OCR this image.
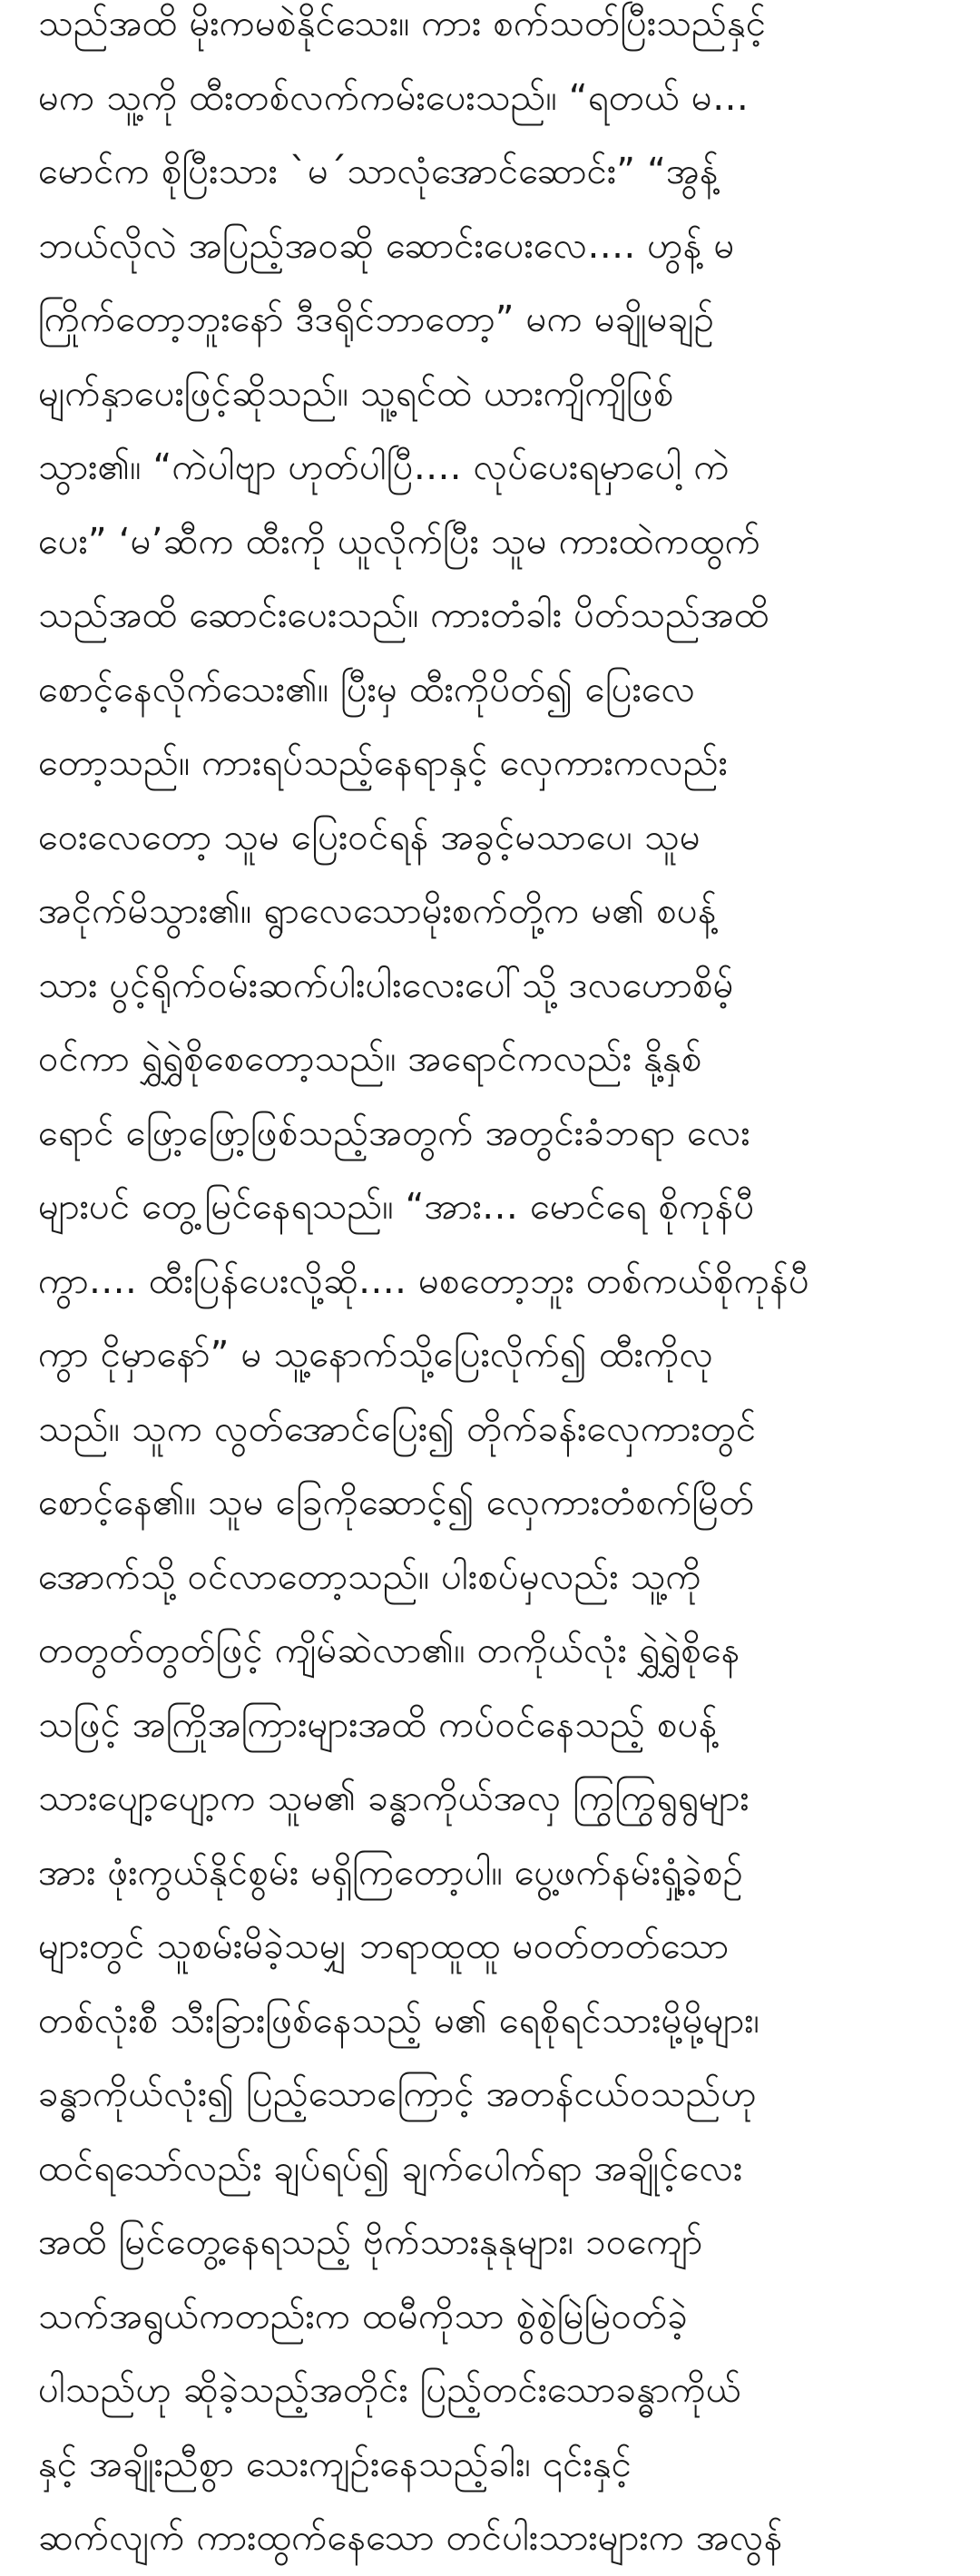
သည်အထိ မိုးကမစဲနိုင်သေး။ ကား စက်သတ်ပြီးသည်နှင့်
မက သူ့ကို ထီးတစ်လက်ကမ်းပေးသည်။ “ရတယ် မ…
မောင်က စိုပြီးသား `မ´သာလုံအောင်ဆောင်း” “အွန့်
ဘယ်လိုလဲ အပြည့်အဝဆို ဆောင်းပေးလေ…. ဟွန့် မ
ကြိုက်တော့ဘူးနော် ဒီဒရိုင်ဘာတော့” မက မချိုမချဥ်
မျက်နှာပေးဖြင့်ဆိုသည်။ သူ့ရင်ထဲ ယားကျိကျိဖြစ်
သွား၏။ “ကဲပါဗျာ ဟုတ်ပါပြီ…. လုပ်ပေးရမှာပေါ့ ကဲ
ပေး” ‘မ’ဆီက ထီးကို ယူလိုက်ပြီး သူမ ကားထဲကထွက်
သည်အထိ ဆောင်းပေးသည်။ ကားတံခါး ပိတ်သည်အထိ
စောင့်နေလိုက်သေး၏။ ပြီးမှ ထီးကိုပိတ်၍ ပြေးလေ
တော့သည်။ ကားရပ်သည့်နေရာနှင့် လှေကားကလည်း
ဝေးလေတော့ သူမ ပြေးဝင်ရန် အခွင့်မသာပေ၊ သူမ
အငိုက်မိသွား၏။ ရွာလေသောမိုးစက်တို့က မ၏ စပန့်
သား ပွင့်ရိုက်ဝမ်းဆက်ပါးပါးလေးပေါ်သို့ ဒလဟောစိမ့်
ဝင်ကာ ရွှဲရွှဲစိုစေတော့သည်။ အရောင်ကလည်း နို့နှစ်
ရောင် ဖြော့ဖြော့ဖြစ်သည့်အတွက် အတွင်းခံဘရာ လေး
များပင် တွေ့မြင်နေရသည်။ “အား… မောင်ရေ စိုကုန်ပီ
ကွာ…. ထီးပြန်ပေးလို့ဆို…. မစတော့ဘူး တစ်ကယ်စိုကုန်ပီ
ကွာ ငိုမှာနော်” မ သူ့နောက်သို့ပြေးလိုက်၍ ထီးကိုလု
သည်။ သူက လွတ်အောင်ပြေး၍ တိုက်ခန်းလှေကားတွင်
စောင့်နေ၏။ သူမ ခြေကိုဆောင့်၍ လှေကားတံစက်မြိတ်
အောက်သို့ ဝင်လာတော့သည်။ ပါးစပ်မှလည်း သူ့ကို
တတွတ်တွတ်ဖြင့် ကျိမ်ဆဲလာ၏။ တကိုယ်လုံး ရွှဲရွှဲစိုနေ
သဖြင့် အကြိုအကြားများအထိ ကပ်ဝင်နေသည့် စပန့်
သားပျော့ပျော့က သူမ၏ ခန္ဓာကိုယ်အလှ ကြွကြွရွရွများ
အား ဖုံးကွယ်နိုင်စွမ်း မရှိကြတော့ပါ။ ပွေ့ဖက်နမ်းရှုံ့ခဲ့စဥ်
များတွင် သူစမ်းမိခဲ့သမျှ ဘရာထူထူ မဝတ်တတ်သော
တစ်လုံးစီ သီးခြားဖြစ်နေသည့် မ၏ ရေစိုရင်သားမို့မို့များ၊
ခန္ဓာကိုယ်လုံး၍ ပြည့်သောကြောင့် အတန်ငယ်ဝသည်ဟု
ထင်ရသော်လည်း ချပ်ရပ်၍ ချက်ပေါက်ရာ အချိုင့်လေး
အထိ မြင်တွေ့နေရသည့် ဗိုက်သားနုနုများ၊ ၁၀ကျော်
သက်အရွယ်ကတည်းက ထမီကိုသာ စွဲစွဲမြဲမြဲဝတ်ခဲ့
ပါသည်ဟု ဆိုခဲ့သည့်အတိုင်း ပြည့်တင်းသောခန္ဓာကိုယ်
နှင့် အချိုးညီစွာ သေးကျဉ်းနေသည့်ခါး၊ ၎င်းနှင့်
ဆက်လျက် ကားထွက်နေသော တင်ပါးသားများက အလွန်
